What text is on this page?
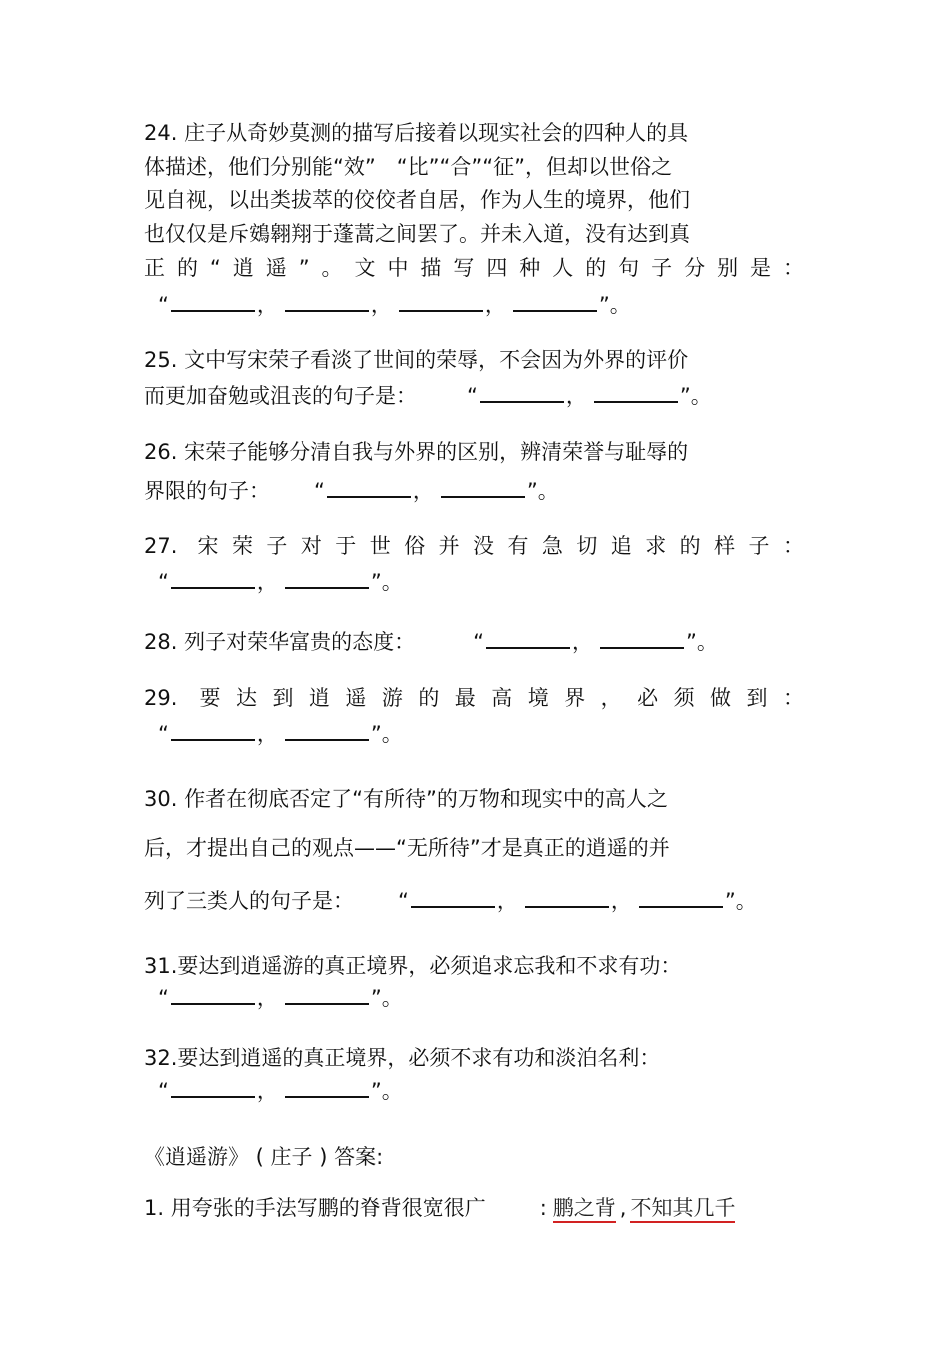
24. 庄子从奇妙莫测的描写后接着以现实社会的四种人的具
体描述，他们分别能“效”　“比”“合”“征”，但却以世俗之
见自视，以出类拔萃的佼佼者自居，作为人生的境界，他们
也仅仅是斥鴳翱翔于蓬蒿之间罢了。并未入道，没有达到真
正的“逍遥”。文中描写四种人的句子分别是：
“	，	，	，	”。
25. 文中写宋荣子看淡了世间的荣辱，不会因为外界的评价
而更加奋勉或沮丧的句子是： “	，	”。
26. 宋荣子能够分清自我与外界的区别，辨清荣誉与耻辱的
界限的句子： “	，	”。
27. 宋荣子对于世俗并没有急切追求的样子：
“	，	”。
28. 列子对荣华富贵的态度：	“	，	”。
29. 要达到逍遥游的最高境界，必须做到：
“	，	”。
30. 作者在彻底否定了“有所待”的万物和现实中的高人之
后，才提出自己的观点——“无所待”才是真正的逍遥的并
列了三类人的句子是： “	，	，	”。
31.要达到逍遥游的真正境界，必须追求忘我和不求有功：
“	，	”。
32.要达到逍遥的真正境界，必须不求有功和淡泊名利：
“	，	”。
《逍遥游》 ( 庄子 ) 答案:
1. 用夸张的手法写鹏的脊背很宽很广	: 鹏之背 , 不知其几千
